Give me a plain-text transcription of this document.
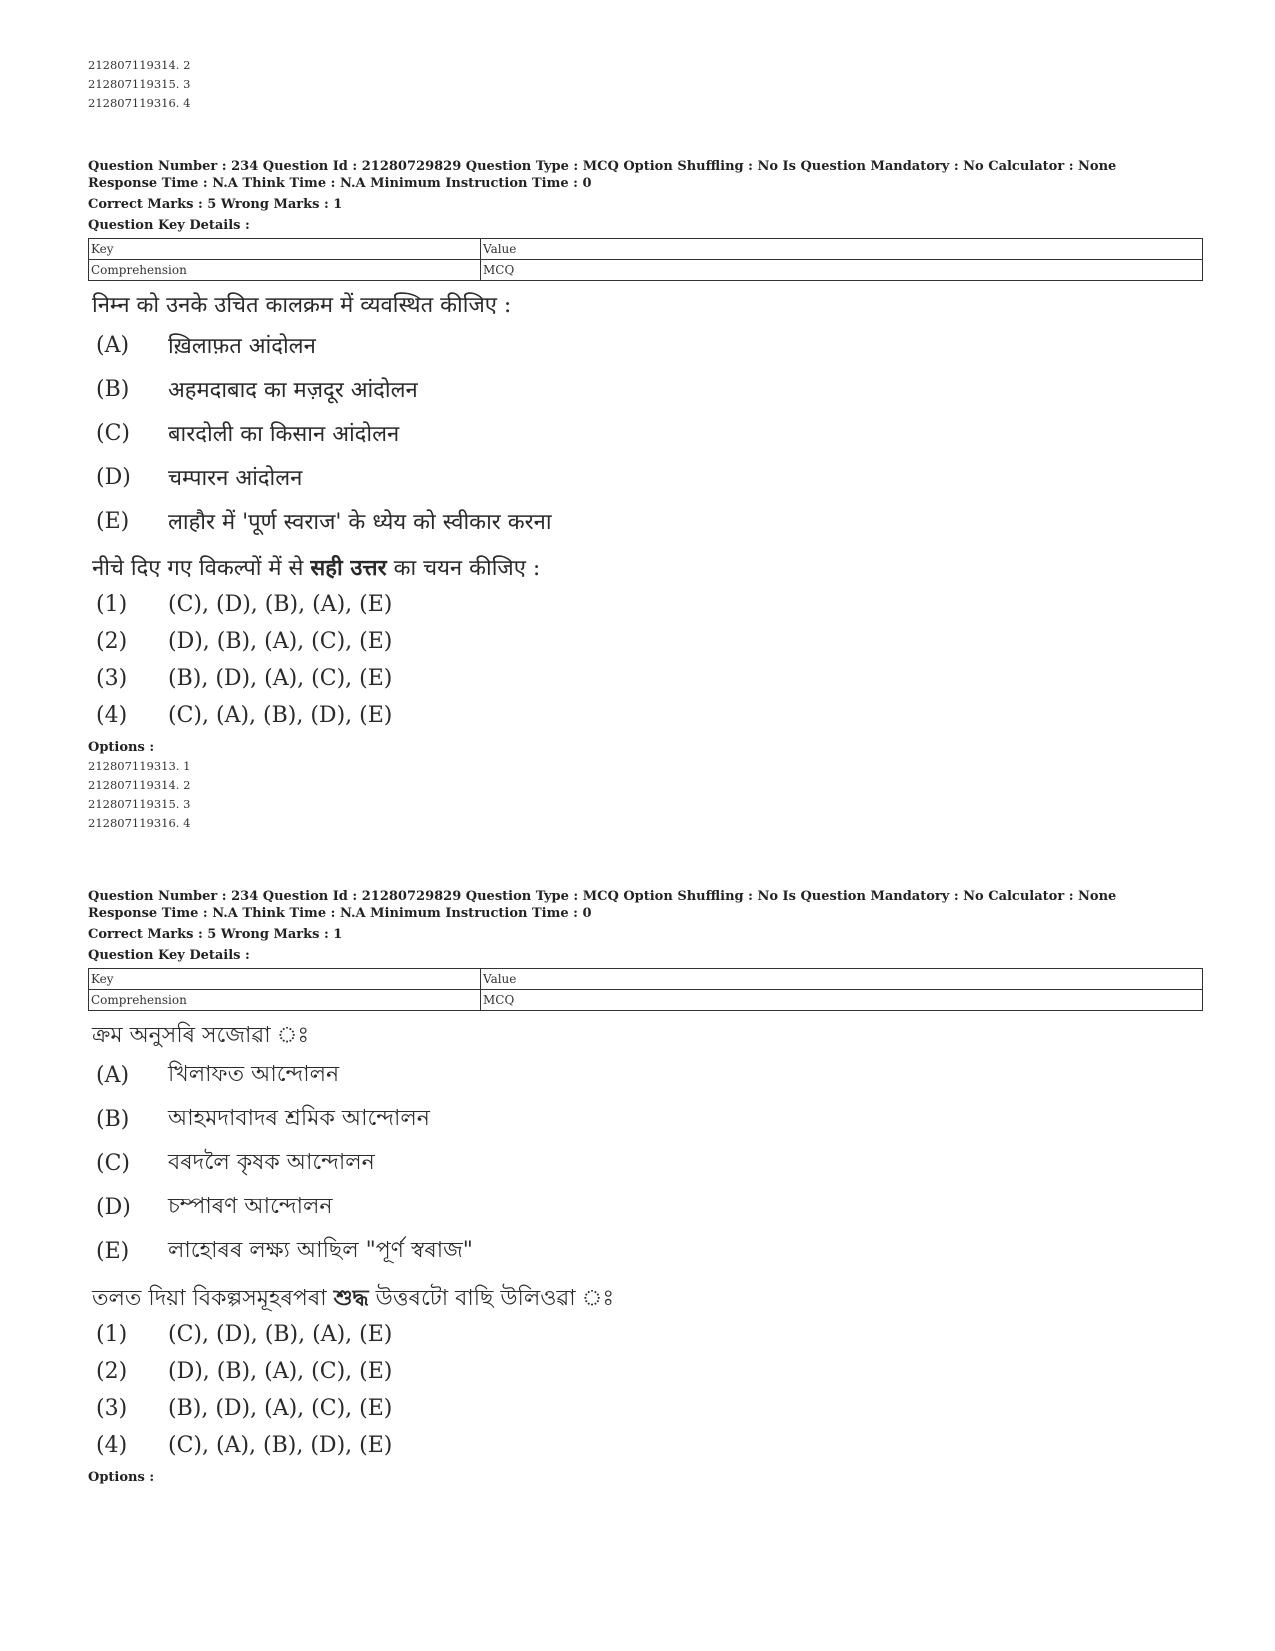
212807119314. 2
212807119315. 3
212807119316. 4
Question Number : 234 Question Id : 21280729829 Question Type : MCQ Option Shuffling : No Is Question Mandatory : No Calculator : None
Response Time : N.A Think Time : N.A Minimum Instruction Time : 0
Correct Marks : 5 Wrong Marks : 1
Question Key Details :
Key	Value
Comprehension	MCQ
निम्न को उनके उचित कालक्रम में व्यवस्थित कीजिए :
(A)	ख़िलाफ़त आंदोलन
(B)	अहमदाबाद का मज़दूर आंदोलन
(C)	बारदोली का किसान आंदोलन
(D)	चम्पारन आंदोलन
(E)	लाहौर में 'पूर्ण स्वराज' के ध्येय को स्वीकार करना
नीचे दिए गए विकल्पों में से सही उत्तर का चयन कीजिए :
(1)	(C), (D), (B), (A), (E)
(2)	(D), (B), (A), (C), (E)
(3)	(B), (D), (A), (C), (E)
(4)	(C), (A), (B), (D), (E)
Options :
212807119313. 1
212807119314. 2
212807119315. 3
212807119316. 4
Question Number : 234 Question Id : 21280729829 Question Type : MCQ Option Shuffling : No Is Question Mandatory : No Calculator : None
Response Time : N.A Think Time : N.A Minimum Instruction Time : 0
Correct Marks : 5 Wrong Marks : 1
Question Key Details :
Key	Value
Comprehension	MCQ
ক্ৰম অনুসৰি সজোৱা ঃ
(A)	খিলাফত আন্দোলন
(B)	আহমদাবাদৰ শ্ৰমিক আন্দোলন
(C)	বৰদলৈ কৃষক আন্দোলন
(D)	চম্পাৰণ আন্দোলন
(E)	লাহোৰৰ লক্ষ্য আছিল "পূৰ্ণ স্বৰাজ"
তলত দিয়া বিকল্পসমূহৰপৰা শুদ্ধ উত্তৰটো বাছি উলিওৱা ঃ
(1)	(C), (D), (B), (A), (E)
(2)	(D), (B), (A), (C), (E)
(3)	(B), (D), (A), (C), (E)
(4)	(C), (A), (B), (D), (E)
Options :
